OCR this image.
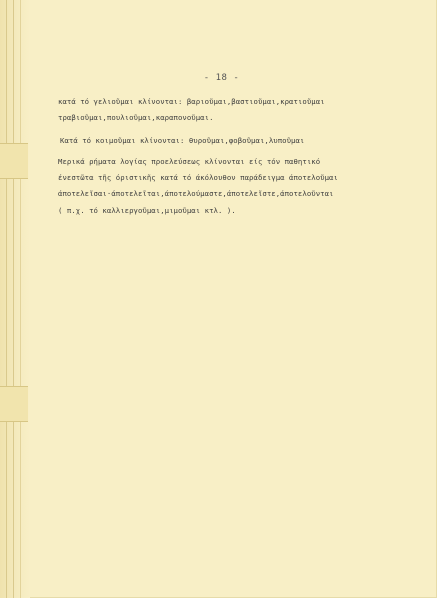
- 18 -
κατά τό γελιοῦμαι κλίνονται: βαριοῦμαι,βαστιοῦμαι,κρατιοῦμαι
τραβιοῦμαι,πουλιοῦμαι,καραπονοῦμαι.
Κατά τό κοιμοῦμαι κλίνονται: θυροῦμαι,φοβοῦμαι,λυποῦμαι
Μερικά ρήματα λογίας προελεύσεως κλίνονται είς τόν παθητικό
ένεστῶτα τῆς όριστικῆς κατά τό άκόλουθον παράδειγμα άποτελοῦμαι
άποτελεῖσαι·άποτελεῖται,άποτελούμαστε,άποτελεῖστε,άποτελοῦνται
( π.χ. τό καλλιεργοῦμαι,μιμοῦμαι κτλ. ).
